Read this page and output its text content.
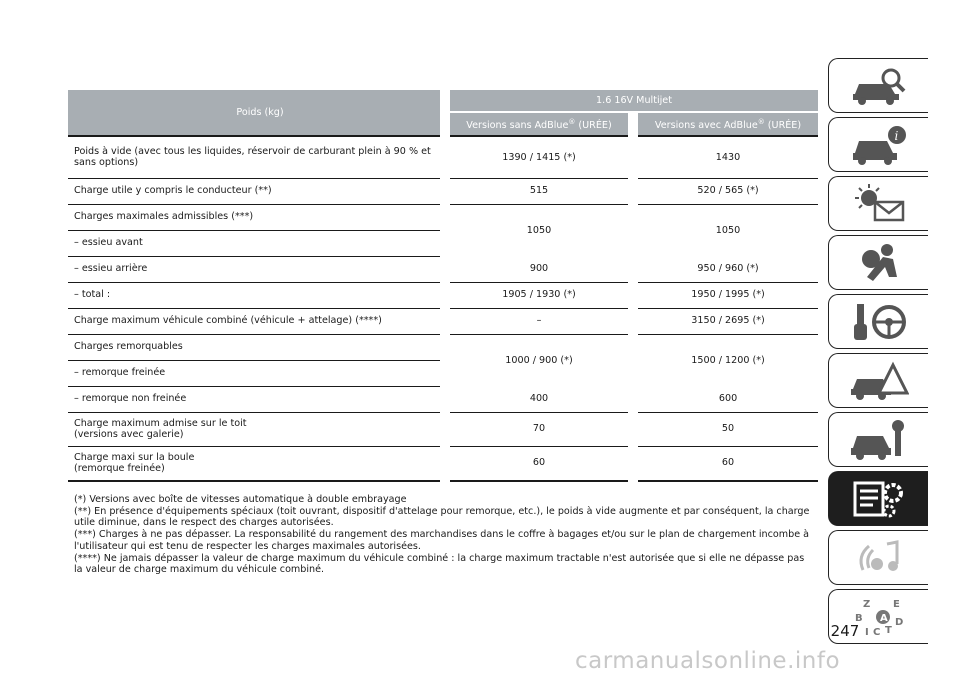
Poids (kg)		1.6 16V Multijet		
		Versions sans AdBlue® (URÉE)		Versions avec AdBlue® (URÉE)
Poids à vide (avec tous les liquides, réservoir de carburant plein à 90 % et sans options)		1390 / 1415 (*)		1430
Charge utile y compris le conducteur (**)		515		520 / 565 (*)
Charges maximales admissibles (***)		1050		1050
– essieu avant				
– essieu arrière		900		950 / 960 (*)
– total :		1905 / 1930 (*)		1950 / 1995 (*)
Charge maximum véhicule combiné (véhicule + attelage) (****)		–		3150 / 2695 (*)
Charges remorquables		1000 / 900 (*)		1500 / 1200 (*)
– remorque freinée				
– remorque non freinée		400		600
Charge maximum admise sur le toit (versions avec galerie)		70		50
Charge maxi sur la boule (remorque freinée)		60		60

(*) Versions avec boîte de vitesses automatique à double embrayage

(**) En présence d'équipements spéciaux (toit ouvrant, dispositif d'attelage pour remorque, etc.), le poids à vide augmente et par conséquent, la charge utile diminue, dans le respect des charges autorisées.

(***) Charges à ne pas dépasser. La responsabilité du rangement des marchandises dans le coffre à bagages et/ou sur le plan de chargement incombe à l'utilisateur qui est tenu de respecter les charges maximales autorisées.

(****) Ne jamais dépasser la valeur de charge maximum du véhicule combiné : la charge maximum tractable n'est autorisée que si elle ne dépasse pas la valeur de charge maximum du véhicule combiné.

i
Z E
B	D
I C T
A
247
carmanualsonline.info
